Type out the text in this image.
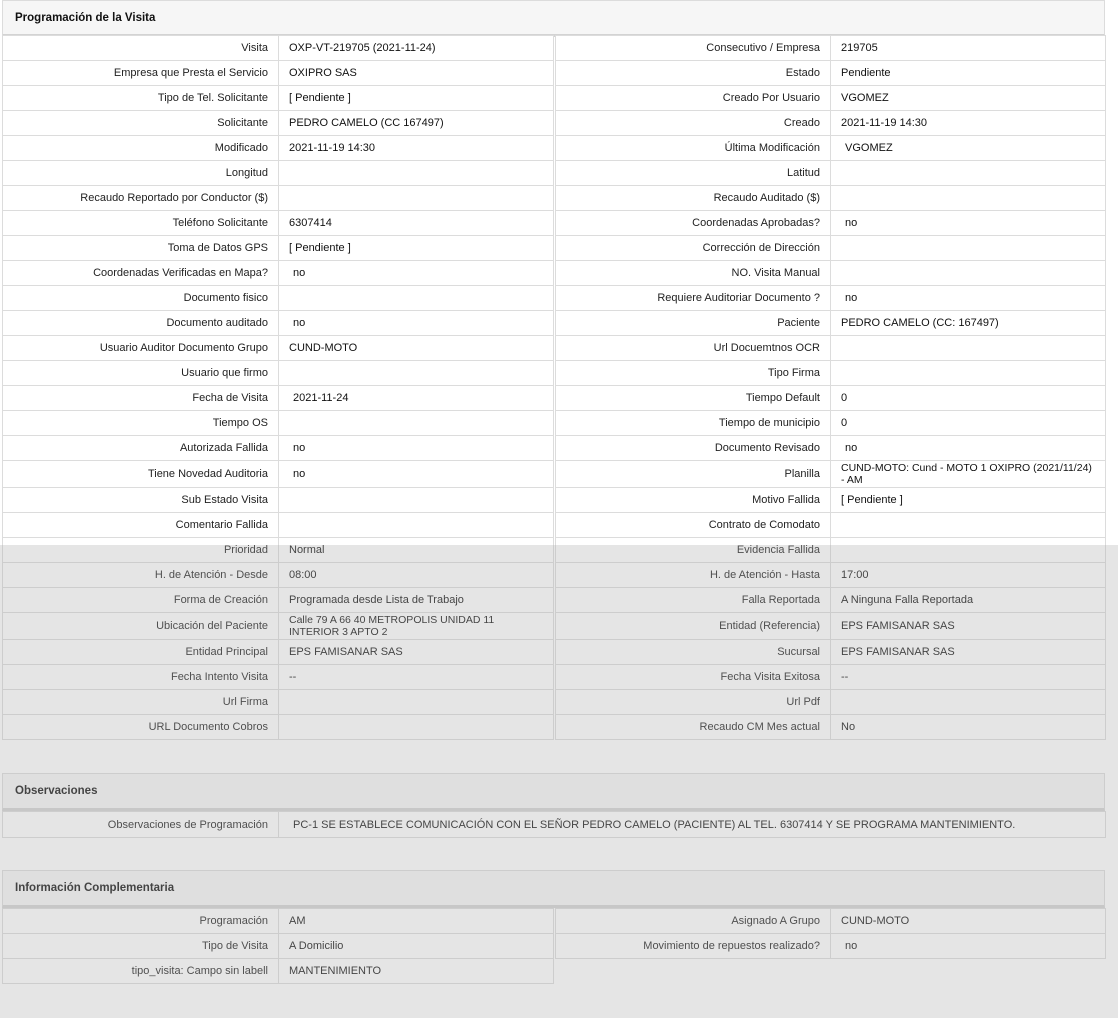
Programación de la Visita
Visita	OXP-VT-219705 (2021-11-24)		Consecutivo / Empresa	219705
Empresa que Presta el Servicio	OXIPRO SAS		Estado	Pendiente
Tipo de Tel. Solicitante	[ Pendiente ]		Creado Por Usuario	VGOMEZ
Solicitante	PEDRO CAMELO (CC 167497)		Creado	2021-11-19 14:30
Modificado	2021-11-19 14:30		Última Modificación	VGOMEZ
Longitud			Latitud	
Recaudo Reportado por Conductor ($)			Recaudo Auditado ($)	
Teléfono Solicitante	6307414		Coordenadas Aprobadas?	no
Toma de Datos GPS	[ Pendiente ]		Corrección de Dirección	
Coordenadas Verificadas en Mapa?	no		NO. Visita Manual	
Documento fisico			Requiere Auditoriar Documento ?	no
Documento auditado	no		Paciente	PEDRO CAMELO (CC: 167497)
Usuario Auditor Documento Grupo	CUND-MOTO		Url Docuemtnos OCR	
Usuario que firmo			Tipo Firma	
Fecha de Visita	2021-11-24		Tiempo Default	0
Tiempo OS			Tiempo de municipio	0
Autorizada Fallida	no		Documento Revisado	no
Tiene Novedad Auditoria	no		Planilla	CUND-MOTO: Cund - MOTO 1 OXIPRO (2021/11/24) - AM
Sub Estado Visita			Motivo Fallida	[ Pendiente ]
Comentario Fallida			Contrato de Comodato	
Prioridad	Normal		Evidencia Fallida	
H. de Atención - Desde	08:00		H. de Atención - Hasta	17:00
Forma de Creación	Programada desde Lista de Trabajo		Falla Reportada	A Ninguna Falla Reportada
Ubicación del Paciente	Calle 79 A 66 40 METROPOLIS UNIDAD 11 INTERIOR 3 APTO 2		Entidad (Referencia)	EPS FAMISANAR SAS
Entidad Principal	EPS FAMISANAR SAS		Sucursal	EPS FAMISANAR SAS
Fecha Intento Visita	--		Fecha Visita Exitosa	--
Url Firma			Url Pdf	
URL Documento Cobros			Recaudo CM Mes actual	No
Observaciones
Observaciones de Programación	PC-1 SE ESTABLECE COMUNICACIÓN CON EL SEÑOR PEDRO CAMELO (PACIENTE) AL TEL. 6307414 Y SE PROGRAMA MANTENIMIENTO.
Información Complementaria
Programación	AM		Asignado A Grupo	CUND-MOTO
Tipo de Visita	A Domicilio		Movimiento de repuestos realizado?	no
tipo_visita: Campo sin labell	MANTENIMIENTO			
